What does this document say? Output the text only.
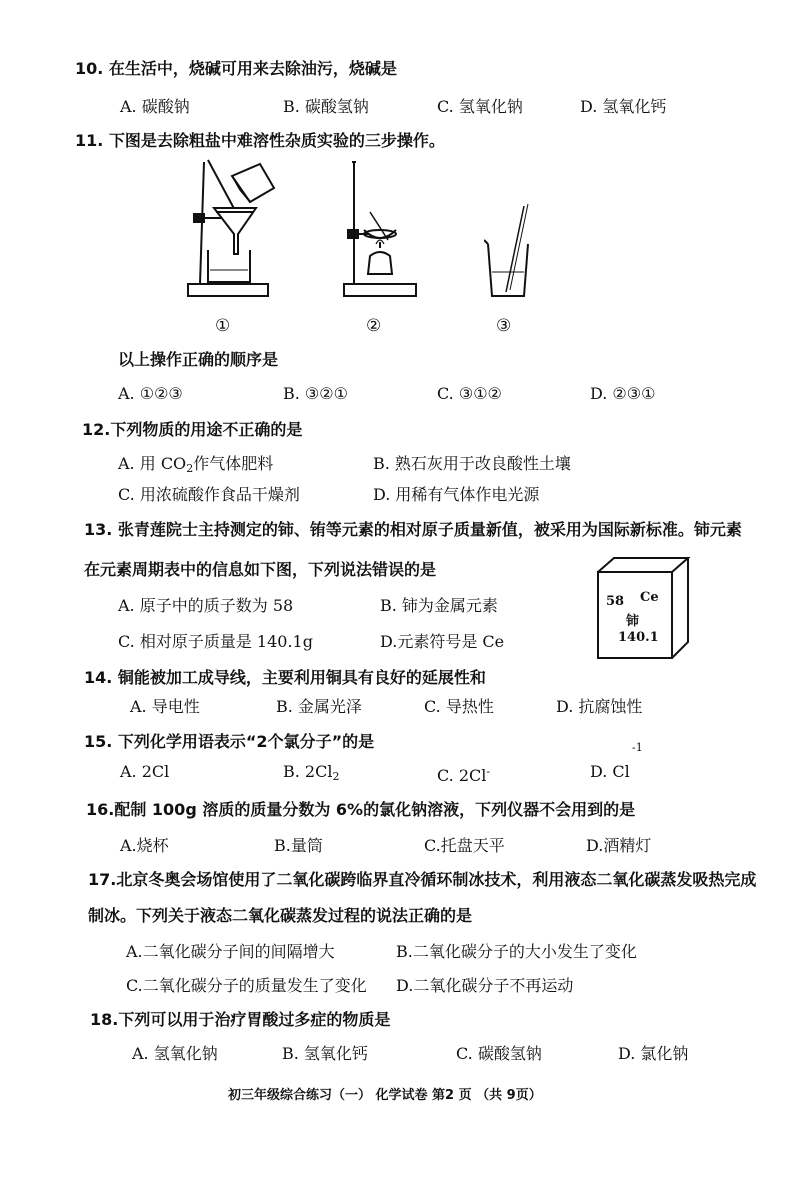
10. 在生活中，烧碱可用来去除油污，烧碱是
A. 碳酸钠	B. 碳酸氢钠	C. 氢氧化钠	D. 氢氧化钙
11. 下图是去除粗盐中难溶性杂质实验的三步操作。
①	②	③
以上操作正确的顺序是
A. ①②③	B. ③②①	C. ③①②	D. ②③①
12.下列物质的用途不正确的是
A. 用 $CO_2$作气体肥料	B. 熟石灰用于改良酸性土壤
C. 用浓硫酸作食品干燥剂	D. 用稀有气体作电光源
13. 张青莲院士主持测定的铈、铕等元素的相对原子质量新值，被采用为国际新标准。铈元素
在元素周期表中的信息如下图，下列说法错误的是
A. 原子中的质子数为 58	B. 铈为金属元素
C. 相对原子质量是 140.1g	D.元素符号是 Ce
58 Ce
铈
140.1
14. 铜能被加工成导线，主要利用铜具有良好的延展性和
A. 导电性	B. 金属光泽	C. 导热性	D. 抗腐蚀性
15. 下列化学用语表示“2个氯分子”的是
A. 2Cl	B. $2Cl_2$	C. 2Cl-	D. Cl
-1
16.配制 100g 溶质的质量分数为 6%的氯化钠溶液，下列仪器不会用到的是
A.烧杯	B.量筒	C.托盘天平	D.酒精灯
17.北京冬奥会场馆使用了二氧化碳跨临界直冷循环制冰技术，利用液态二氧化碳蒸发吸热完成
制冰。下列关于液态二氧化碳蒸发过程的说法正确的是
A.二氧化碳分子间的间隔增大	B.二氧化碳分子的大小发生了变化
C.二氧化碳分子的质量发生了变化 D.二氧化碳分子不再运动
18.下列可以用于治疗胃酸过多症的物质是
A. 氢氧化钠	B. 氢氧化钙	C. 碳酸氢钠	D. 氯化钠
初三年级综合练习（一） 化学试卷 第2 页 （共 9页）
